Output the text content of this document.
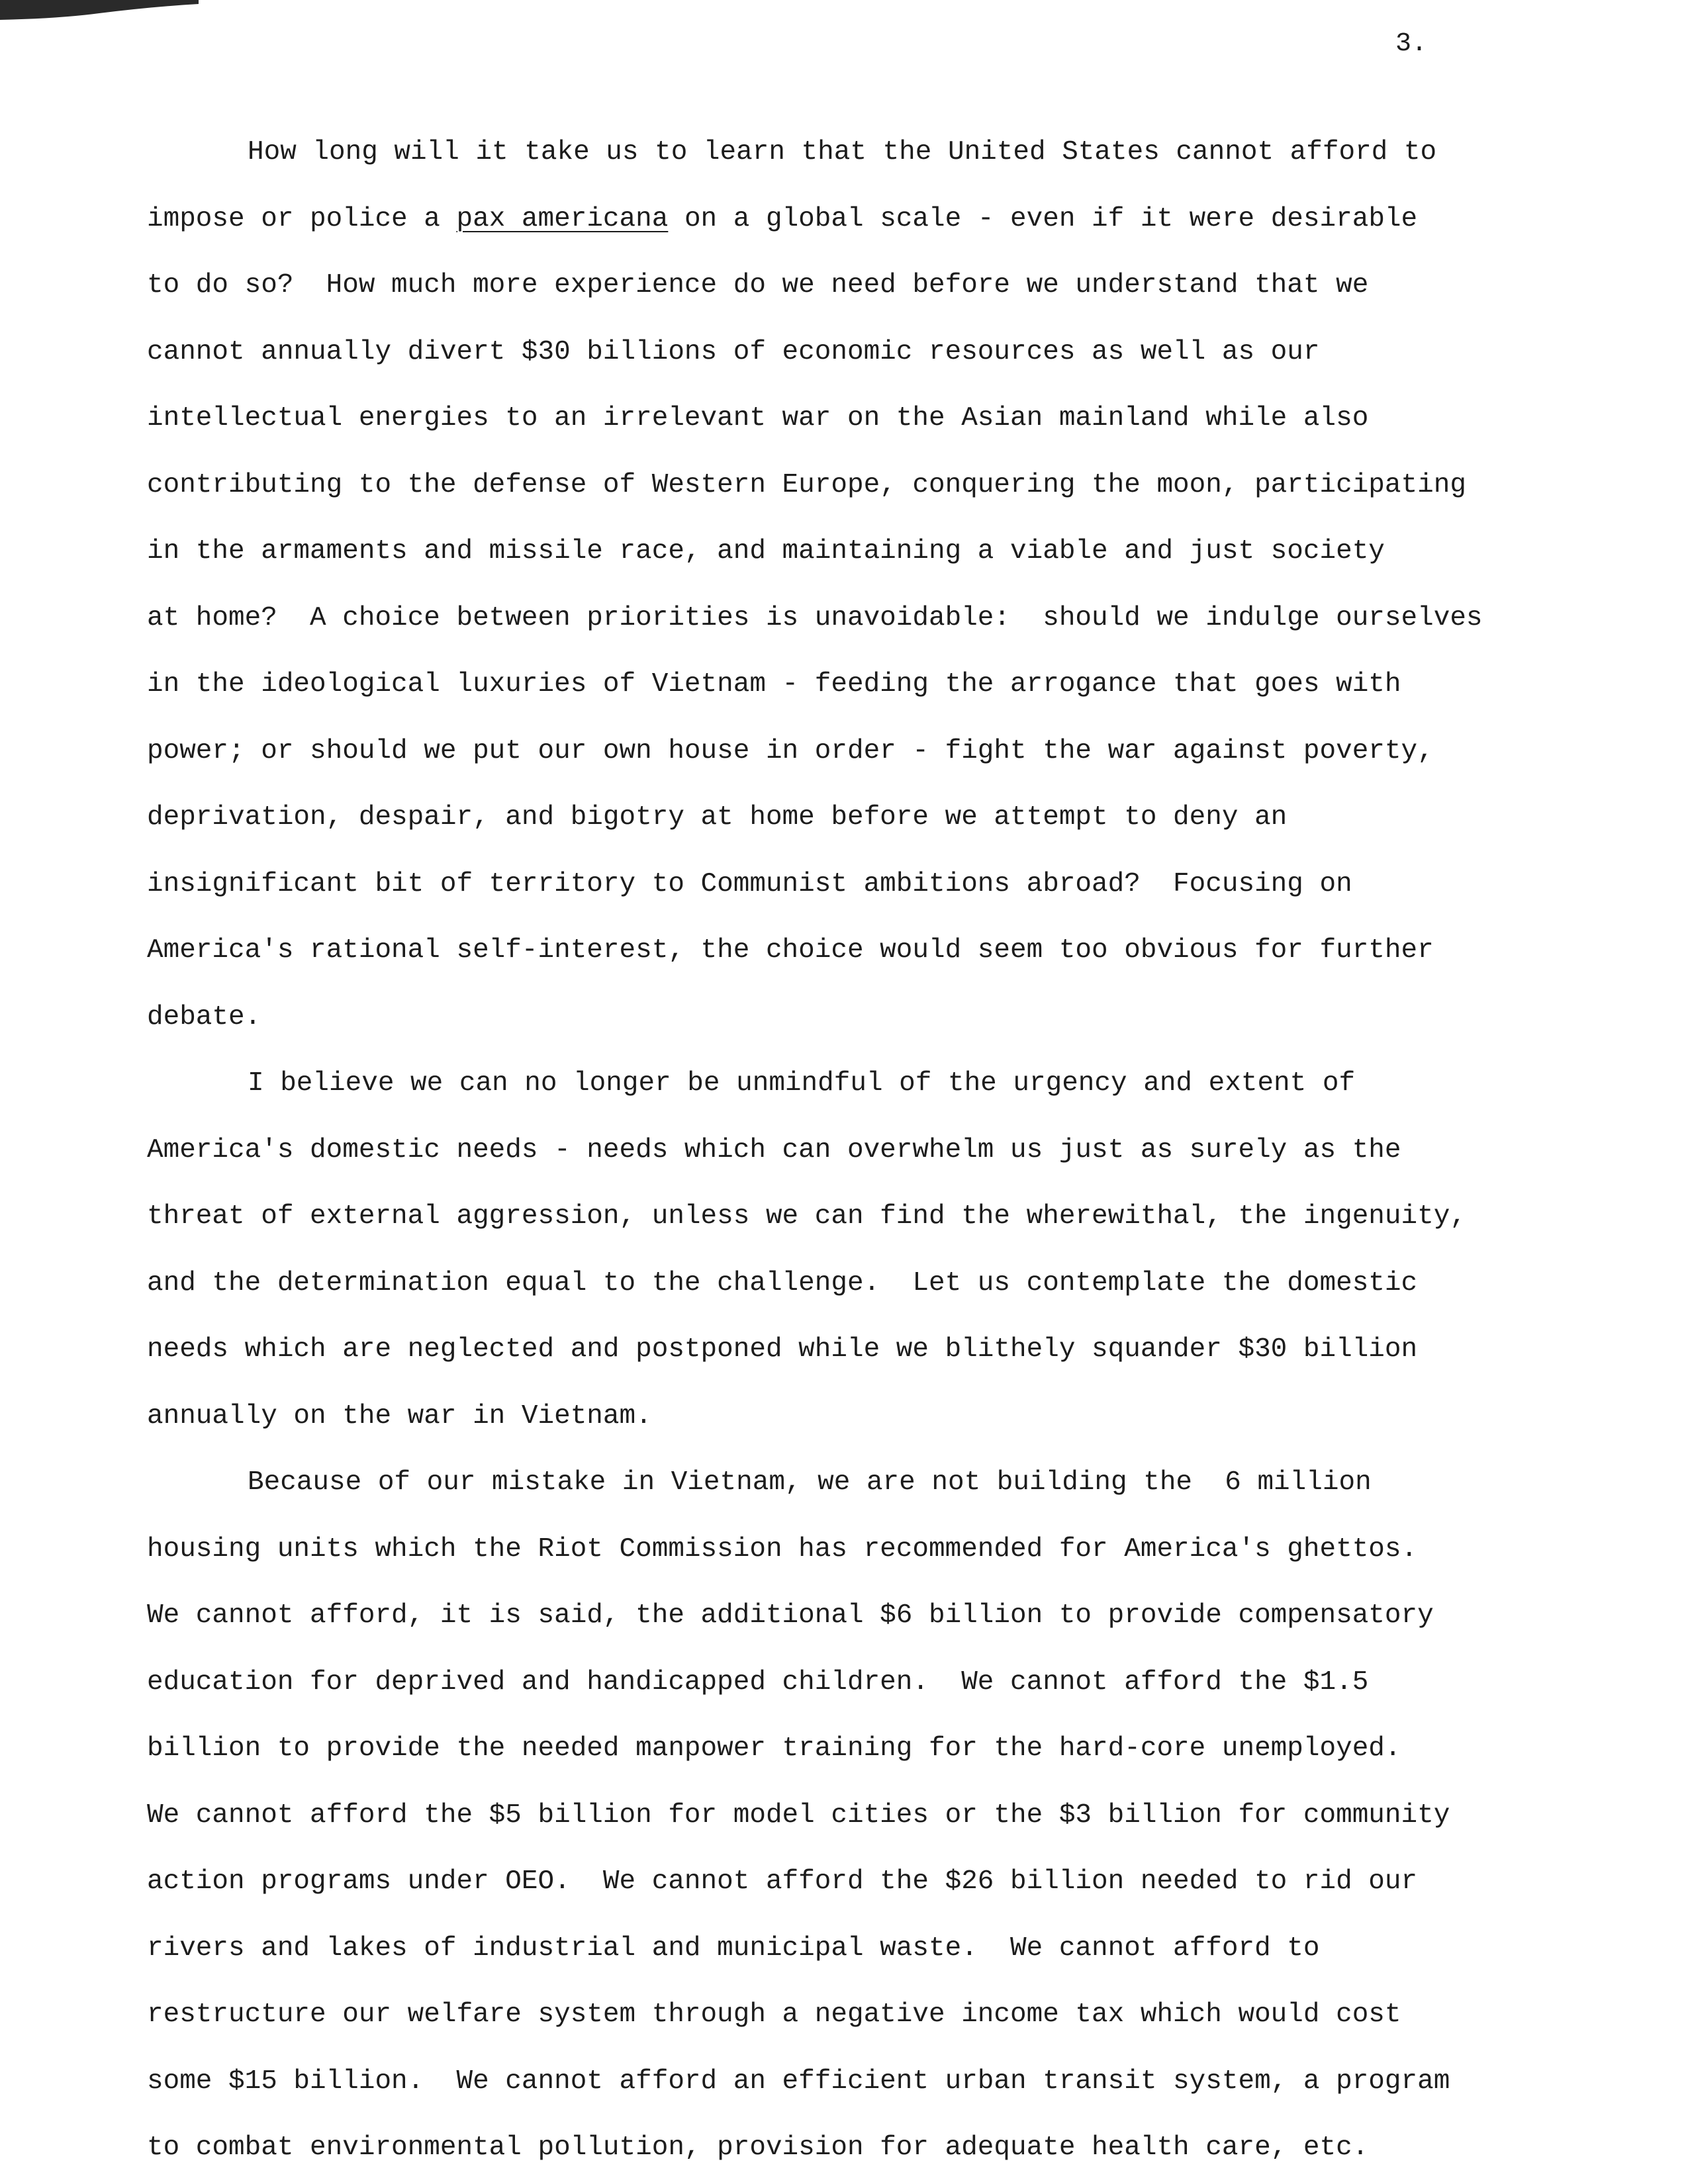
3.
How long will it take us to learn that the United States cannot afford to
impose or police a pax americana on a global scale - even if it were desirable
to do so?  How much more experience do we need before we understand that we
cannot annually divert $30 billions of economic resources as well as our
intellectual energies to an irrelevant war on the Asian mainland while also
contributing to the defense of Western Europe, conquering the moon, participating
in the armaments and missile race, and maintaining a viable and just society
at home?  A choice between priorities is unavoidable:  should we indulge ourselves
in the ideological luxuries of Vietnam - feeding the arrogance that goes with
power; or should we put our own house in order - fight the war against poverty,
deprivation, despair, and bigotry at home before we attempt to deny an
insignificant bit of territory to Communist ambitions abroad?  Focusing on
America's rational self-interest, the choice would seem too obvious for further
debate.
I believe we can no longer be unmindful of the urgency and extent of
America's domestic needs - needs which can overwhelm us just as surely as the
threat of external aggression, unless we can find the wherewithal, the ingenuity,
and the determination equal to the challenge.  Let us contemplate the domestic
needs which are neglected and postponed while we blithely squander $30 billion
annually on the war in Vietnam.
Because of our mistake in Vietnam, we are not building the  6 million
housing units which the Riot Commission has recommended for America's ghettos.
We cannot afford, it is said, the additional $6 billion to provide compensatory
education for deprived and handicapped children.  We cannot afford the $1.5
billion to provide the needed manpower training for the hard-core unemployed.
We cannot afford the $5 billion for model cities or the $3 billion for community
action programs under OEO.  We cannot afford the $26 billion needed to rid our
rivers and lakes of industrial and municipal waste.  We cannot afford to
restructure our welfare system through a negative income tax which would cost
some $15 billion.  We cannot afford an efficient urban transit system, a program
to combat environmental pollution, provision for adequate health care, etc.
